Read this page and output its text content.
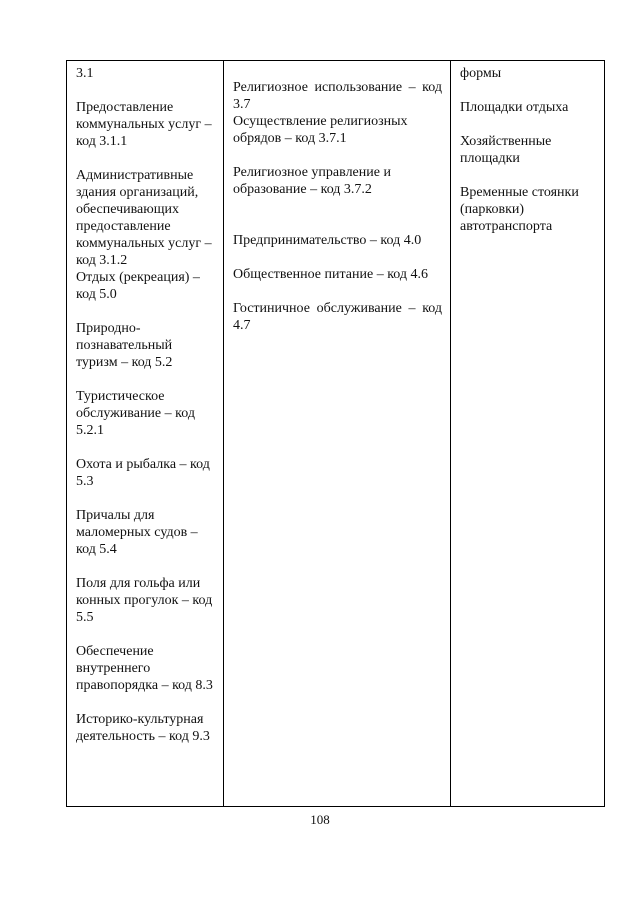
3.1

Предоставление коммунальных услуг – код 3.1.1

Административные здания организаций, обеспечивающих предоставление коммунальных услуг – код 3.1.2

Отдых (рекреация) – код 5.0

Природно-познавательный туризм – код 5.2

Туристическое обслуживание – код 5.2.1

Охота и рыбалка – код 5.3

Причалы для маломерных судов – код 5.4

Поля для гольфа или конных прогулок – код 5.5

Обеспечение внутреннего правопорядка – код 8.3

Историко-культурная деятельность – код 9.3

Религиозное использование – код 3.7

Осуществление религиозных обрядов – код 3.7.1

Религиозное управление и образование – код 3.7.2

Предпринимательство – код 4.0

Общественное питание – код 4.6

Гостиничное обслуживание – код 4.7

формы

Площадки отдыха

Хозяйственные площадки

Временные стоянки (парковки) автотранспорта

108
